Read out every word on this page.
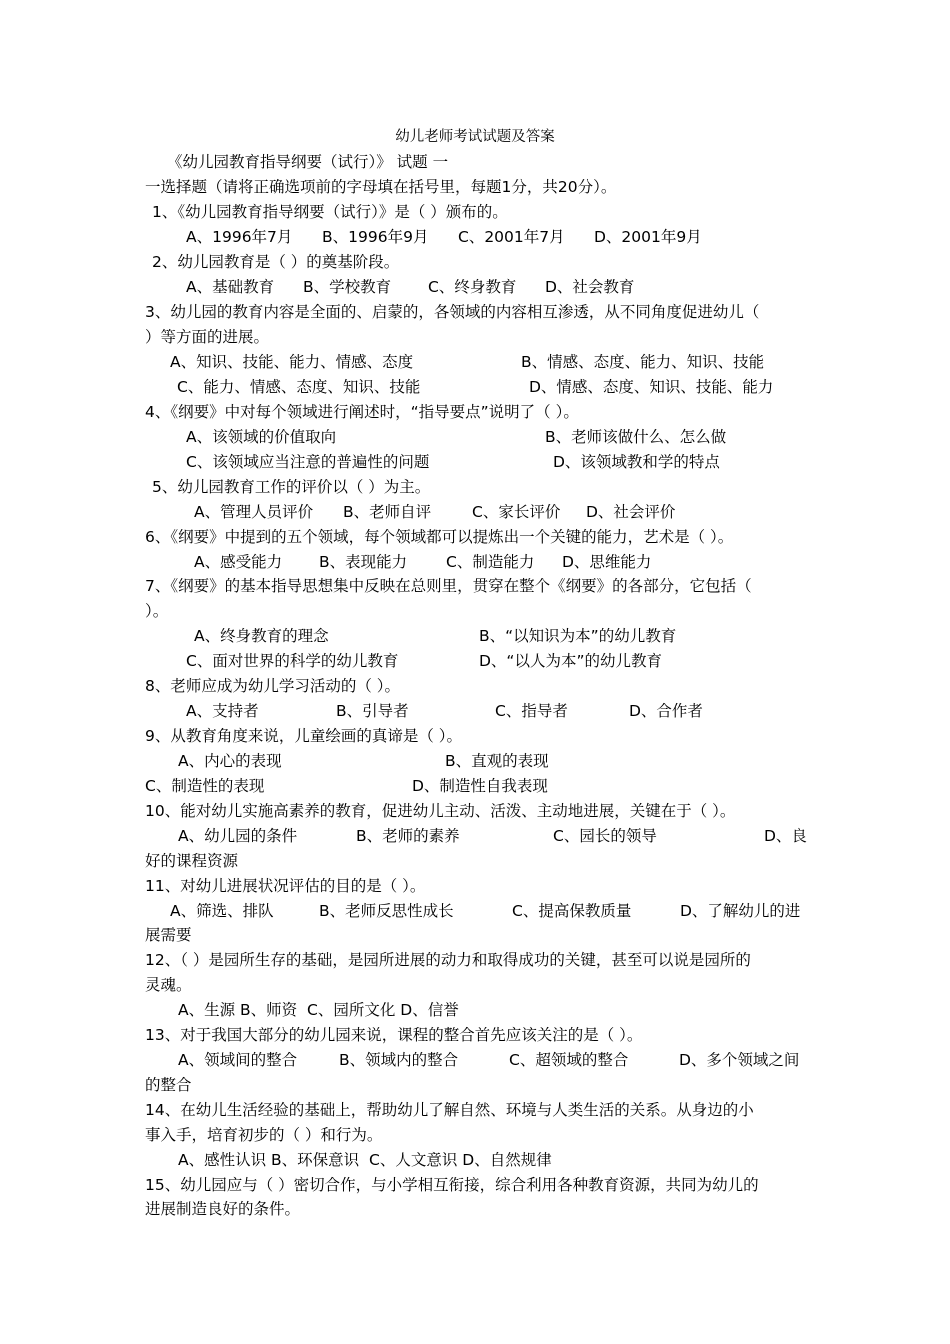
幼儿老师考试试题及答案
《幼儿园教育指导纲要（试行）》 试题 一
一选择题（请将正确选项前的字母填在括号里，每题1分，共20分）。
1、《幼儿园教育指导纲要（试行）》是（ ）颁布的。
A、1996年7月 B、1996年9月 C、2001年7月 D、2001年9月
2、幼儿园教育是（ ）的奠基阶段。
A、基础教育 B、学校教育 C、终身教育 D、社会教育
3、幼儿园的教育内容是全面的、启蒙的，各领域的内容相互渗透，从不同角度促进幼儿（
）等方面的进展。
A、知识、技能、能力、情感、态度	B、情感、态度、能力、知识、技能
C、能力、情感、态度、知识、技能	D、情感、态度、知识、技能、能力
4、《纲要》中对每个领域进行阐述时，“指导要点”说明了（ ）。
A、该领域的价值取向	B、老师该做什么、怎么做
C、该领域应当注意的普遍性的问题	D、该领域教和学的特点
5、幼儿园教育工作的评价以（ ）为主。
A、管理人员评价 B、老师自评	C、家长评价 D、社会评价
6、《纲要》中提到的五个领域，每个领域都可以提炼出一个关键的能力，艺术是（ ）。
A、感受能力 B、表现能力	C、制造能力 D、思维能力
7、《纲要》的基本指导思想集中反映在总则里，贯穿在整个《纲要》的各部分，它包括（
）。
A、终身教育的理念	B、“以知识为本”的幼儿教育
C、面对世界的科学的幼儿教育	D、“以人为本”的幼儿教育
8、老师应成为幼儿学习活动的（ ）。
A、支持者	B、引导者	C、指导者	D、合作者
9、从教育角度来说，儿童绘画的真谛是（ ）。
A、内心的表现	B、直观的表现
C、制造性的表现	D、制造性自我表现
10、能对幼儿实施高素养的教育，促进幼儿主动、活泼、主动地进展，关键在于（ ）。
A、幼儿园的条件	B、老师的素养	C、园长的领导	D、良
好的课程资源
11、对幼儿进展状况评估的目的是（ ）。
A、筛选、排队	B、老师反思性成长	C、提高保教质量	D、了解幼儿的进
展需要
12、（ ）是园所生存的基础，是园所进展的动力和取得成功的关键，甚至可以说是园所的
灵魂。
A、生源 B、师资  C、园所文化 D、信誉
13、对于我国大部分的幼儿园来说，课程的整合首先应该关注的是（ ）。
A、领域间的整合	B、领域内的整合	C、超领域的整合	D、多个领域之间
的整合
14、在幼儿生活经验的基础上，帮助幼儿了解自然、环境与人类生活的关系。从身边的小
事入手，培育初步的（ ）和行为。
A、感性认识 B、环保意识  C、人文意识 D、自然规律
15、幼儿园应与（ ）密切合作，与小学相互衔接，综合利用各种教育资源，共同为幼儿的
进展制造良好的条件。
